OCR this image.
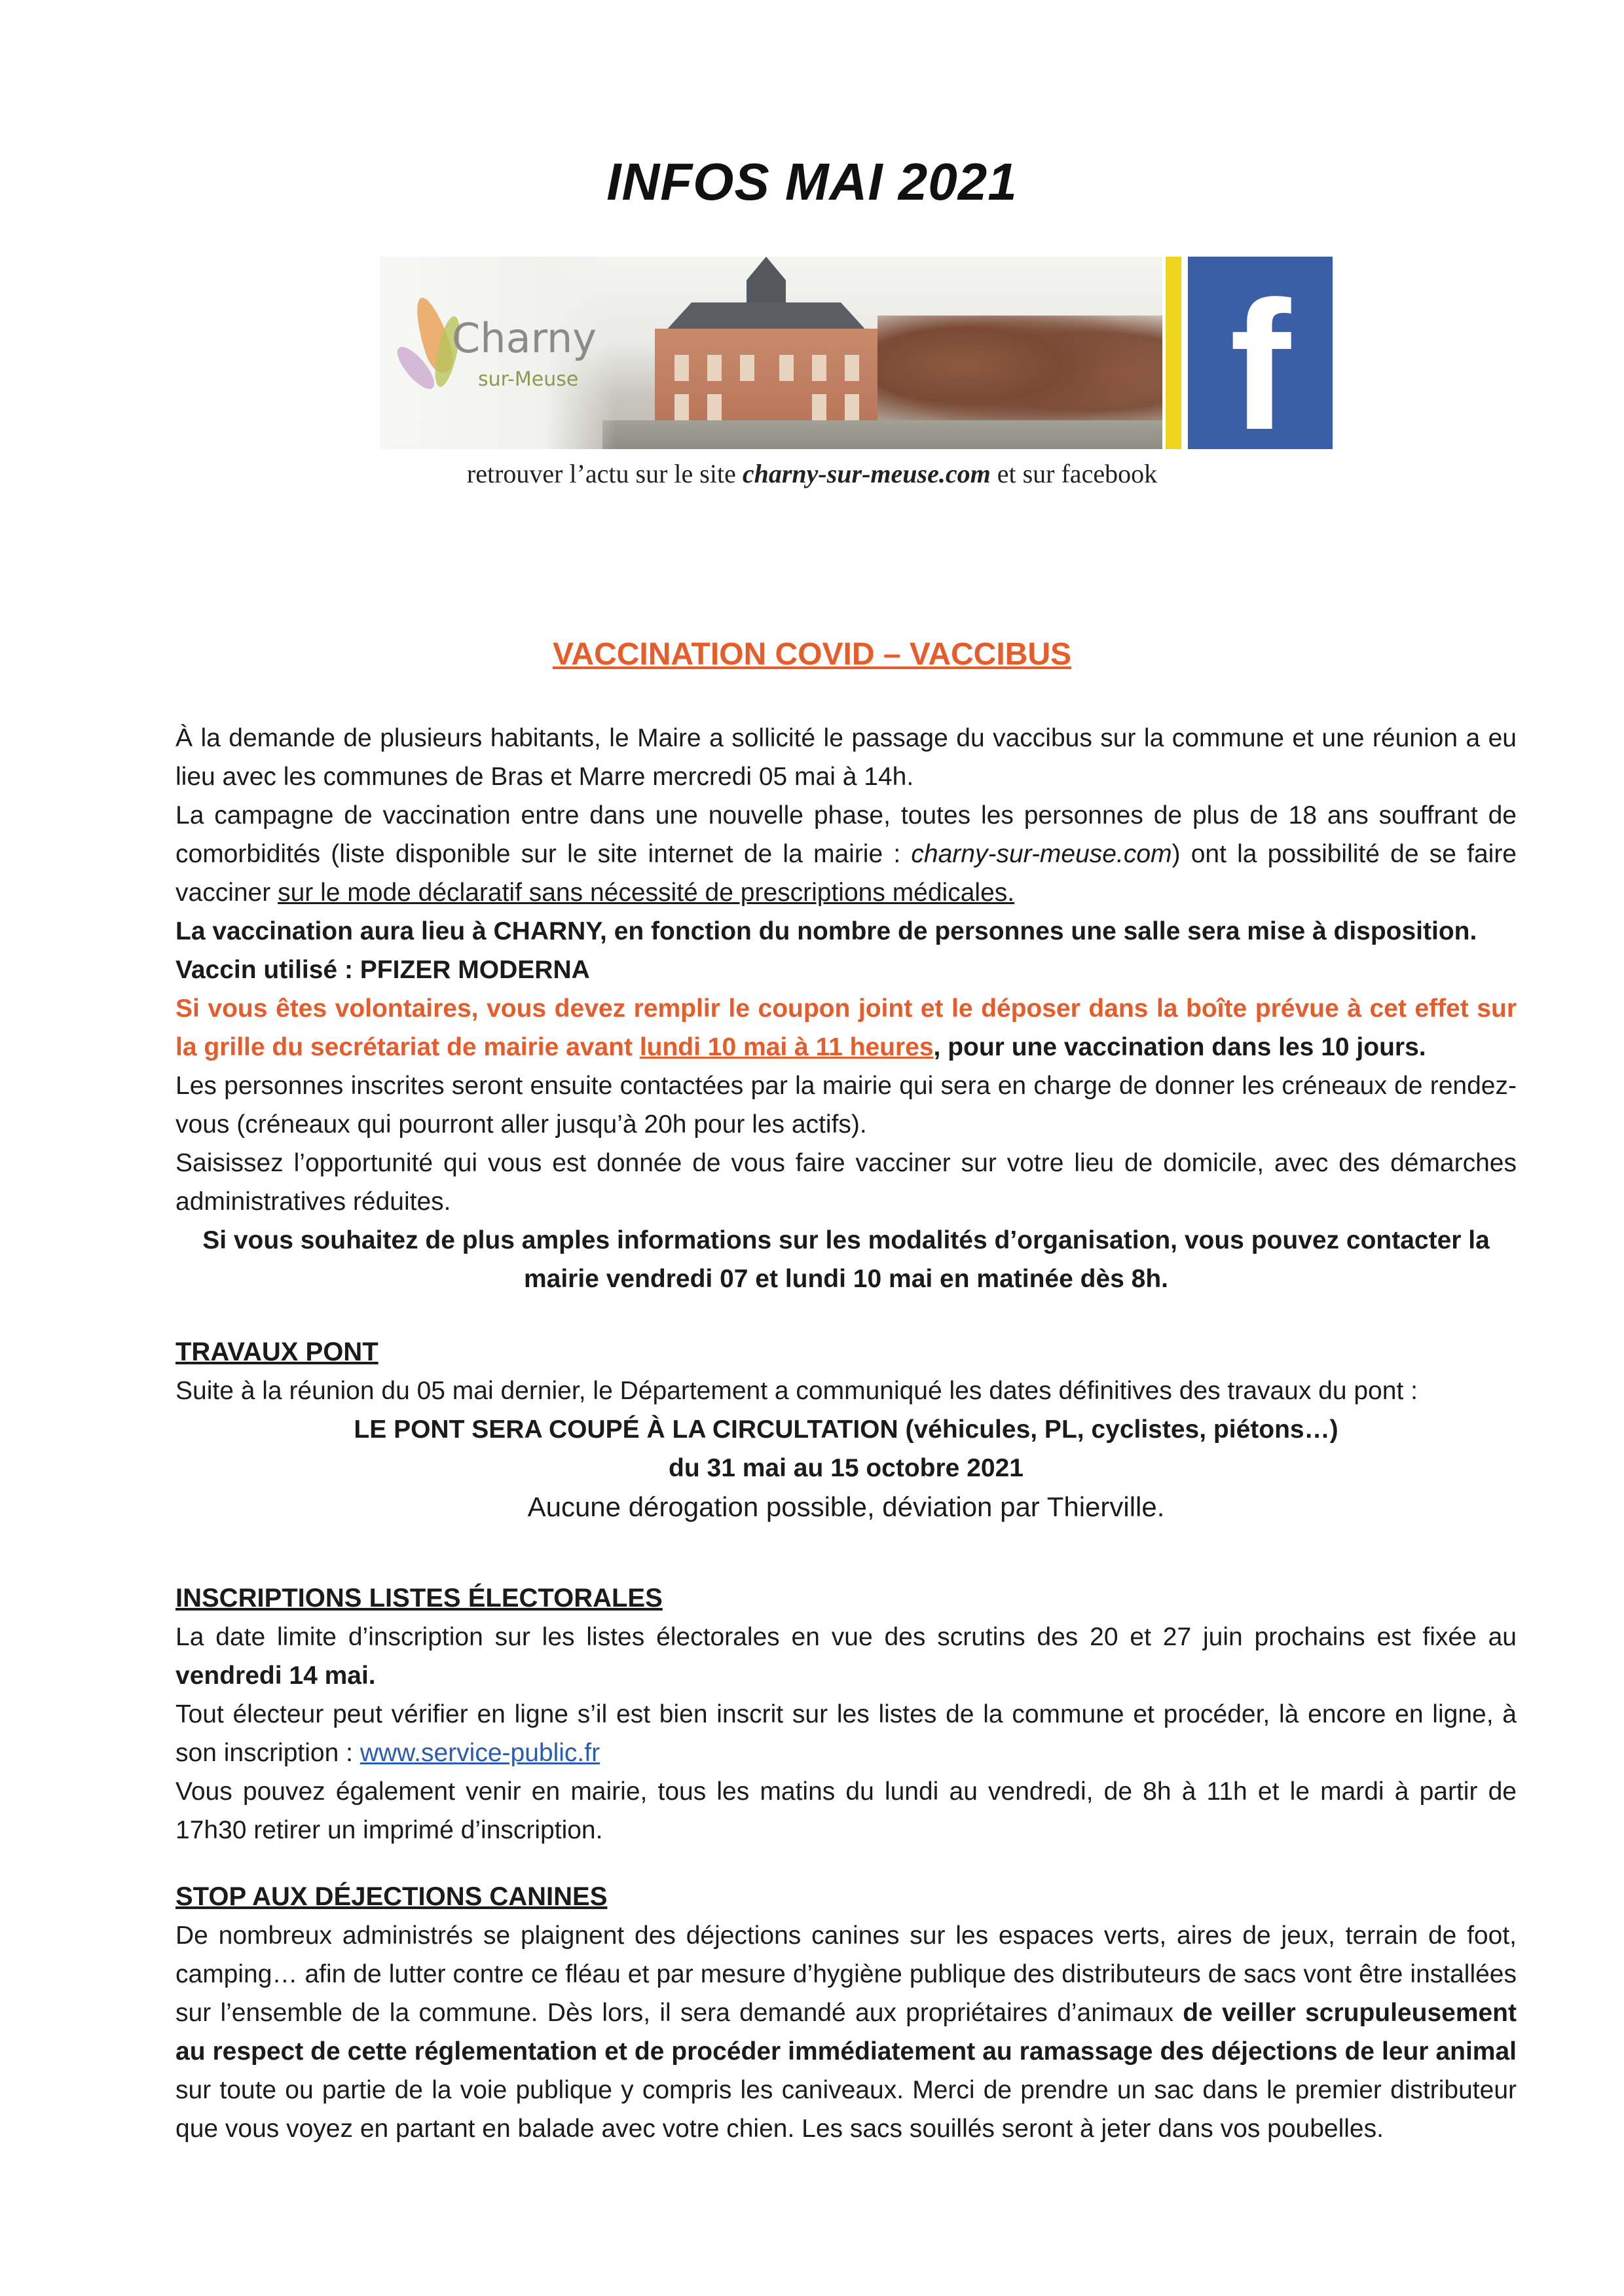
INFOS MAI 2021
Charny
sur-Meuse	f
retrouver l’actu sur le site charny-sur-meuse.com et sur facebook
VACCINATION COVID – VACCIBUS

À la demande de plusieurs habitants, le Maire a sollicité le passage du vaccibus sur la commune et une réunion a eu lieu avec les communes de Bras et Marre mercredi 05 mai à 14h.

La campagne de vaccination entre dans une nouvelle phase, toutes les personnes de plus de 18 ans souffrant de comorbidités (liste disponible sur le site internet de la mairie : charny-sur-meuse.com) ont la possibilité de se faire vacciner sur le mode déclaratif sans nécessité de prescriptions médicales.

La vaccination aura lieu à CHARNY, en fonction du nombre de personnes une salle sera mise à disposition.

Vaccin utilisé : PFIZER MODERNA

Si vous êtes volontaires, vous devez remplir le coupon joint et le déposer dans la boîte prévue à cet effet sur la grille du secrétariat de mairie avant lundi 10 mai à 11 heures, pour une vaccination dans les 10 jours.

Les personnes inscrites seront ensuite contactées par la mairie qui sera en charge de donner les créneaux de rendez-vous (créneaux qui pourront aller jusqu’à 20h pour les actifs).

Saisissez l’opportunité qui vous est donnée de vous faire vacciner sur votre lieu de domicile, avec des démarches administratives réduites.

Si vous souhaitez de plus amples informations sur les modalités d’organisation, vous pouvez contacter la mairie vendredi 07 et lundi 10 mai en matinée dès 8h.

TRAVAUX PONT

Suite à la réunion du 05 mai dernier, le Département a communiqué les dates définitives des travaux du pont :

LE PONT SERA COUPÉ À LA CIRCULTATION (véhicules, PL, cyclistes, piétons…)

du 31 mai au 15 octobre 2021

Aucune dérogation possible, déviation par Thierville.

INSCRIPTIONS LISTES ÉLECTORALES

La date limite d’inscription sur les listes électorales en vue des scrutins des 20 et 27 juin prochains est fixée au vendredi 14 mai.

Tout électeur peut vérifier en ligne s’il est bien inscrit sur les listes de la commune et procéder, là encore en ligne, à son inscription : www.service-public.fr

Vous pouvez également venir en mairie, tous les matins du lundi au vendredi, de 8h à 11h et le mardi à partir de 17h30 retirer un imprimé d’inscription.

STOP AUX DÉJECTIONS CANINES

De nombreux administrés se plaignent des déjections canines sur les espaces verts, aires de jeux, terrain de foot, camping… afin de lutter contre ce fléau et par mesure d’hygiène publique des distributeurs de sacs vont être installées sur l’ensemble de la commune. Dès lors, il sera demandé aux propriétaires d’animaux de veiller scrupuleusement au respect de cette réglementation et de procéder immédiatement au ramassage des déjections de leur animal sur toute ou partie de la voie publique y compris les caniveaux. Merci de prendre un sac dans le premier distributeur que vous voyez en partant en balade avec votre chien. Les sacs souillés seront à jeter dans vos poubelles.
